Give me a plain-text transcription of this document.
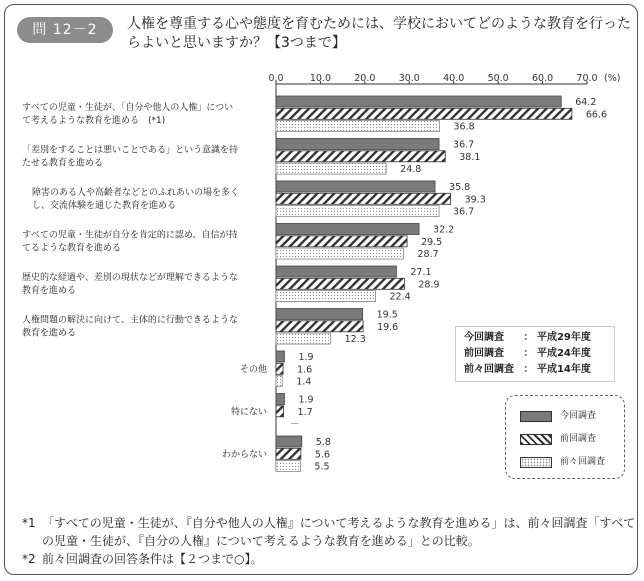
問 12－2	人権を尊重する心や態度を育むためには、学校においてどのような教育を行ったらよいと思いますか？【3つまで】
0.0	10.0 20.0 30.0 40.0 50.0 60.0 70.0 (%)
すべての児童・生徒が、「自分や他人の人権」につい
て考えるような教育を進める　(*1)
64.2
66.6
36.8
「差別をすることは悪いことである」という意識を持
たせる教育を進める
36.7
38.1
24.8
障害のある人や高齢者などとのふれあいの場を多く
し、交流体験を通じた教育を進める
35.8
39.3
36.7
すべての児童・生徒が自分を肯定的に認め、自信が持
てるような教育を進める
32.2
29.5
28.7
歴史的な経過や、差別の現状などが理解できるような
教育を進める
27.1
28.9
22.4
人権問題の解決に向けて、主体的に行動できるような
教育を進める
19.5
19.6
12.3
その他
1.9
1.6
1.4
特にない
1.9
1.7
－
わからない
5.8
5.6
5.5
今回調査 ： 平成29年度
前回調査 ： 平成24年度
前々回調査 ： 平成14年度
今回調査
前回調査
前々回調査
*1 「すべての児童・生徒が、『自分や他人の人権』について考えるような教育を進める」は、前々回調査「すべての児童・生徒が、『自分の人権』について考えるような教育を進める」との比較。
*2 前々回調査の回答条件は【２つまで○】。
